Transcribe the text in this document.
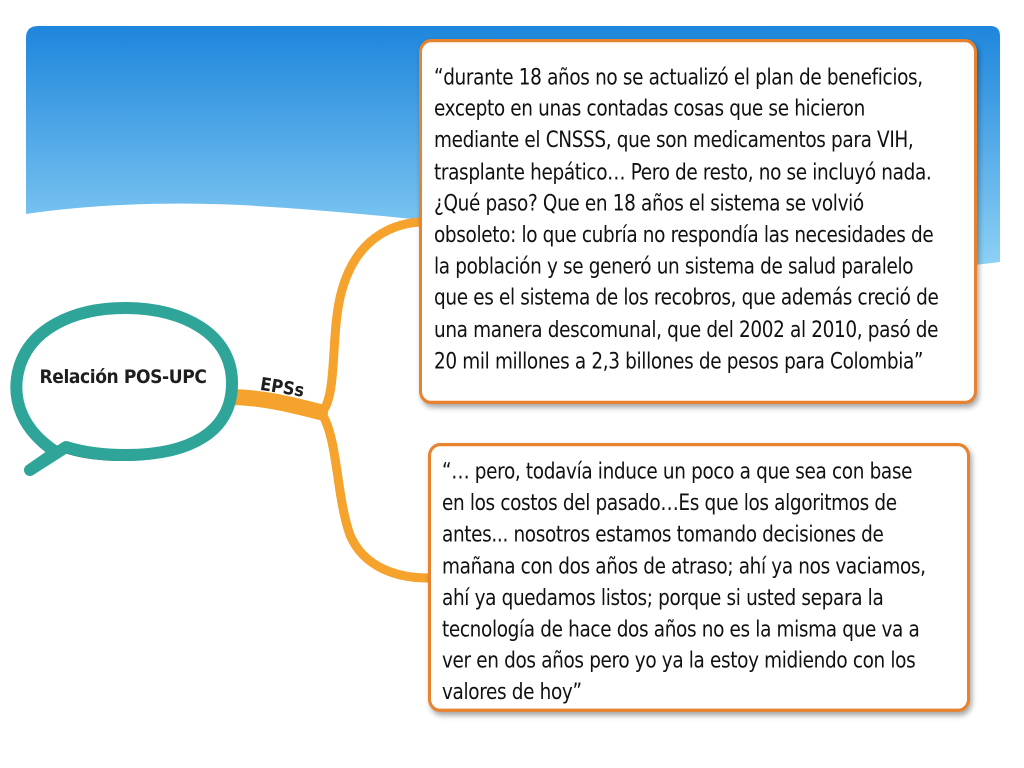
Relación POS-UPC	EPSs
“durante 18 años no se actualizó el plan de beneficios,
excepto en unas contadas cosas que se hicieron
mediante el CNSSS, que son medicamentos para VIH,
trasplante hepático… Pero de resto, no se incluyó nada.
¿Qué paso? Que en 18 años el sistema se volvió
obsoleto: lo que cubría no respondía las necesidades de
la población y se generó un sistema de salud paralelo
que es el sistema de los recobros, que además creció de
una manera descomunal, que del 2002 al 2010, pasó de
20 mil millones a 2,3 billones de pesos para Colombia”
“… pero, todavía induce un poco a que sea con base
en los costos del pasado…Es que los algoritmos de
antes... nosotros estamos tomando decisiones de
mañana con dos años de atraso; ahí ya nos vaciamos,
ahí ya quedamos listos; porque si usted separa la
tecnología de hace dos años no es la misma que va a
ver en dos años pero yo ya la estoy midiendo con los
valores de hoy”
